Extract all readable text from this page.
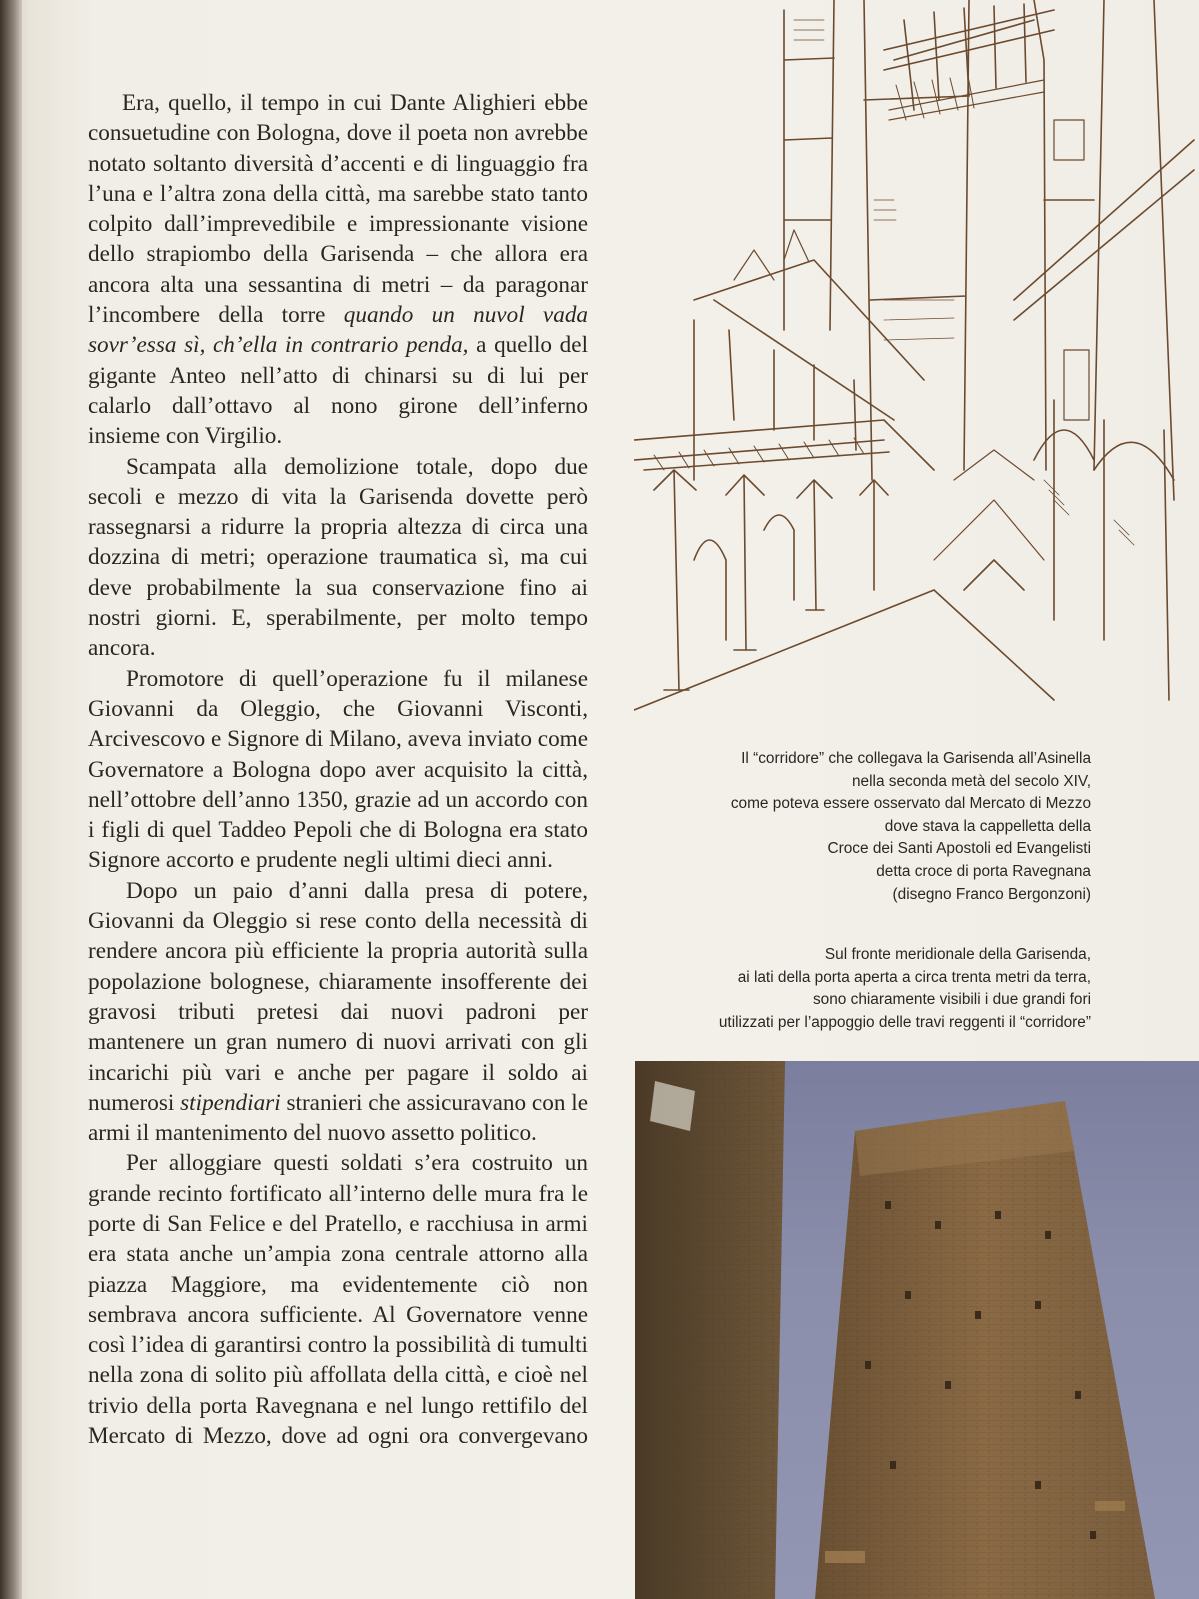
Era, quello, il tempo in cui Dante Alighieri ebbe consuetudine con Bologna, dove il poeta non avrebbe notato soltanto diversità d’accenti e di linguaggio fra l’una e l’altra zona della città, ma sarebbe stato tanto colpito dall’imprevedibile e impressionante visione dello strapiombo della Garisenda – che allora era ancora alta una sessantina di metri – da paragonar l’incombere della torre quando un nuvol vada sovr’essa sì, ch’ella in contrario penda, a quello del gigante Anteo nell’atto di chinarsi su di lui per calarlo dall’ottavo al nono girone dell’inferno insieme con Virgilio.

Scampata alla demolizione totale, dopo due secoli e mezzo di vita la Garisenda dovette però rassegnarsi a ridurre la propria altezza di circa una dozzina di metri; operazione traumatica sì, ma cui deve probabilmente la sua conservazione fino ai nostri giorni. E, sperabilmente, per molto tempo ancora.

Promotore di quell’operazione fu il milanese Giovanni da Oleggio, che Giovanni Visconti, Arcivescovo e Signore di Milano, aveva inviato come Governatore a Bologna dopo aver acquisito la città, nell’ottobre dell’anno 1350, grazie ad un accordo con i figli di quel Taddeo Pepoli che di Bologna era stato Signore accorto e prudente negli ultimi dieci anni.

Dopo un paio d’anni dalla presa di potere, Giovanni da Oleggio si rese conto della necessità di rendere ancora più efficiente la propria autorità sulla popolazione bolognese, chiaramente insofferente dei gravosi tributi pretesi dai nuovi padroni per mantenere un gran numero di nuovi arrivati con gli incarichi più vari e anche per pagare il soldo ai numerosi stipendiari stranieri che assicuravano con le armi il mantenimento del nuovo assetto politico.

Per alloggiare questi soldati s’era costruito un grande recinto fortificato all’interno delle mura fra le porte di San Felice e del Pratello, e racchiusa in armi era stata anche un’ampia zona centrale attorno alla piazza Maggiore, ma evidentemente ciò non sembrava ancora sufficiente. Al Governatore venne così l’idea di garantirsi contro la possibilità di tumulti nella zona di solito più affollata della città, e cioè nel trivio della porta Ravegnana e nel lungo rettifilo del Mercato di Mezzo, dove ad ogni ora convergevano

Il “corridore” che collegava la Garisenda all’Asinella
nella seconda metà del secolo XIV,
come poteva essere osservato dal Mercato di Mezzo
dove stava la cappelletta della
Croce dei Santi Apostoli ed Evangelisti
detta croce di porta Ravegnana
(disegno Franco Bergonzoni)
Sul fronte meridionale della Garisenda,
ai lati della porta aperta a circa trenta metri da terra,
sono chiaramente visibili i due grandi fori
utilizzati per l’appoggio delle travi reggenti il “corridore”
